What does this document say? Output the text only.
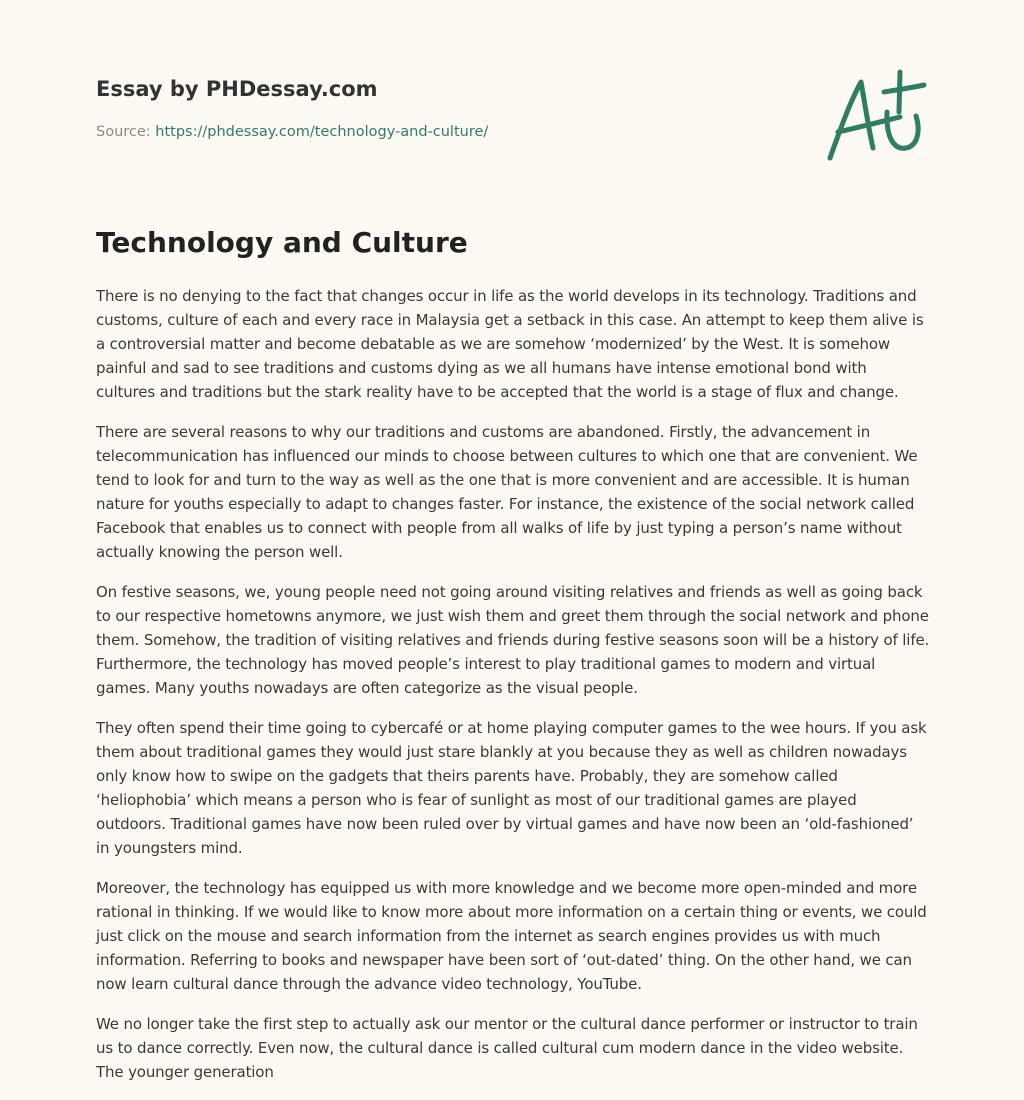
Essay by PHDessay.com
Source: https://phdessay.com/technology-and-culture/
Technology and Culture

There is no denying to the fact that changes occur in life as the world develops in its technology. Traditions and customs, culture of each and every race in Malaysia get a setback in this case. An attempt to keep them alive is a controversial matter and become debatable as we are somehow ‘modernized’ by the West. It is somehow painful and sad to see traditions and customs dying as we all humans have intense emotional bond with cultures and traditions but the stark reality have to be accepted that the world is a stage of flux and change.

There are several reasons to why our traditions and customs are abandoned. Firstly, the advancement in telecommunication has influenced our minds to choose between cultures to which one that are convenient. We tend to look for and turn to the way as well as the one that is more convenient and are accessible. It is human nature for youths especially to adapt to changes faster. For instance, the existence of the social network called Facebook that enables us to connect with people from all walks of life by just typing a person’s name without actually knowing the person well.

On festive seasons, we, young people need not going around visiting relatives and friends as well as going back to our respective hometowns anymore, we just wish them and greet them through the social network and phone them. Somehow, the tradition of visiting relatives and friends during festive seasons soon will be a history of life. Furthermore, the technology has moved people’s interest to play traditional games to modern and virtual games. Many youths nowadays are often categorize as the visual people.

They often spend their time going to cybercafé or at home playing computer games to the wee hours. If you ask them about traditional games they would just stare blankly at you because they as well as children nowadays only know how to swipe on the gadgets that theirs parents have. Probably, they are somehow called ‘heliophobia’ which means a person who is fear of sunlight as most of our traditional games are played outdoors. Traditional games have now been ruled over by virtual games and have now been an ‘old-fashioned’ in youngsters mind.

Moreover, the technology has equipped us with more knowledge and we become more open-minded and more rational in thinking. If we would like to know more about more information on a certain thing or events, we could just click on the mouse and search information from the internet as search engines provides us with much information. Referring to books and newspaper have been sort of ‘out-dated’ thing. On the other hand, we can now learn cultural dance through the advance video technology, YouTube.

We no longer take the first step to actually ask our mentor or the cultural dance performer or instructor to train us to dance correctly. Even now, the cultural dance is called cultural cum modern dance in the video website. The younger generation
